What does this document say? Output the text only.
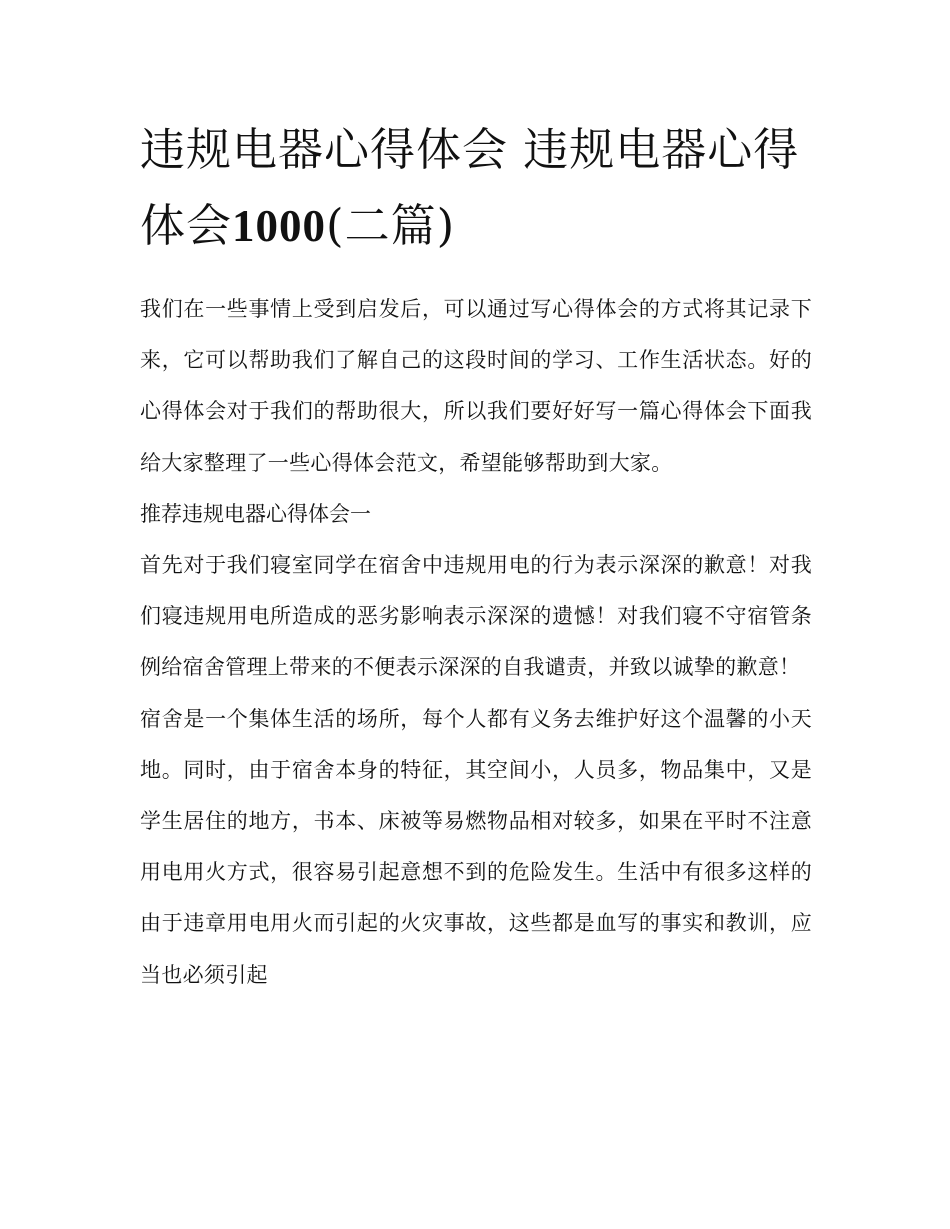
违规电器心得体会 违规电器心得体会1000(二篇)

我们在一些事情上受到启发后，可以通过写心得体会的方式将其记录下来，它可以帮助我们了解自己的这段时间的学习、工作生活状态。好的心得体会对于我们的帮助很大，所以我们要好好写一篇心得体会下面我给大家整理了一些心得体会范文，希望能够帮助到大家。

推荐违规电器心得体会一

首先对于我们寝室同学在宿舍中违规用电的行为表示深深的歉意！对我们寝违规用电所造成的恶劣影响表示深深的遗憾！对我们寝不守宿管条例给宿舍管理上带来的不便表示深深的自我谴责，并致以诚挚的歉意！

宿舍是一个集体生活的场所，每个人都有义务去维护好这个温馨的小天地。同时，由于宿舍本身的特征，其空间小，人员多，物品集中，又是学生居住的地方，书本、床被等易燃物品相对较多，如果在平时不注意用电用火方式，很容易引起意想不到的危险发生。生活中有很多这样的由于违章用电用火而引起的火灾事故，这些都是血写的事实和教训，应当也必须引起
